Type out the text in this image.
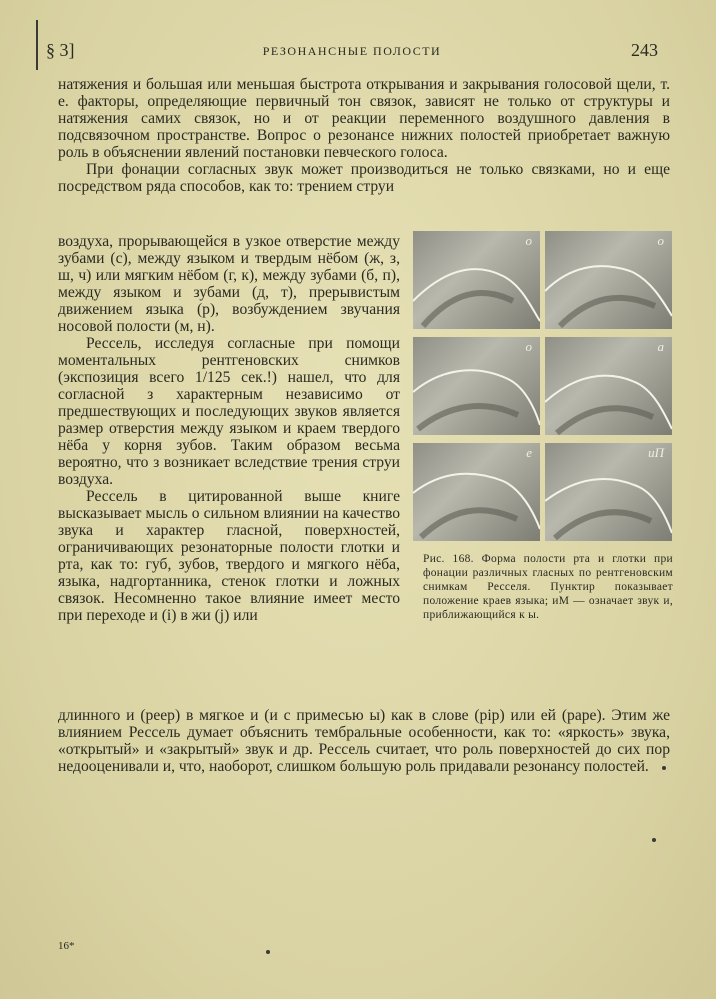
§ 3]	РЕЗОНАНСНЫЕ ПОЛОСТИ	243

натяжения и большая или меньшая быстрота открывания и закрывания голосовой щели, т. е. факторы, определяющие первичный тон связок, зависят не только от структуры и натяжения самих связок, но и от реакции переменного воздушного давления в подсвязочном пространстве. Вопрос о резонансе нижних полостей приобретает важную роль в объяснении явлений постановки певческого голоса.

При фонации согласных звук может производиться не только связками, но и еще посредством ряда способов, как то: трением струи

воздуха, прорывающейся в узкое отверстие между зубами (с), между языком и твердым нёбом (ж, з, ш, ч) или мягким нёбом (г, к), между зубами (б, п), между языком и зубами (д, т), прерывистым движением языка (р), возбуждением звучания носовой полости (м, н).

Рессель, исследуя согласные при помощи моментальных рентгеновских снимков (экспозиция всего 1/125 сек.!) нашел, что для согласной з характерным независимо от предшествующих и последующих звуков является размер отверстия между языком и краем твердого нёба у корня зубов. Таким образом весьма вероятно, что з возникает вследствие трения струи воздуха.

Рессель в цитированной выше книге высказывает мысль о сильном влиянии на качество звука и характер гласной, поверхностей, ограничивающих резонаторные полости глотки и рта, как то: губ, зубов, твердого и мягкого нёба, языка, надгортанника, стенок глотки и ложных связок. Несомненно такое влияние имеет место при переходе и (і) в жи (ј) или

o	o
o	a
e	иП
Рис. 168. Форма полости рта и глотки при фонации различных гласных по рентгеновским снимкам Ресселя. Пунктир показывает положение краев языка; иМ — означает звук и, приближающийся к ы.

длинного и (реер) в мягкое и (и с примесью ы) как в слове (рір) или ей (раре). Этим же влиянием Рессель думает объяснить тембральные особенности, как то: «яркость» звука, «открытый» и «закрытый» звук и др. Рессель считает, что роль поверхностей до сих пор недооценивали и, что, наоборот, слишком большую роль придавали резонансу полостей.

16*
